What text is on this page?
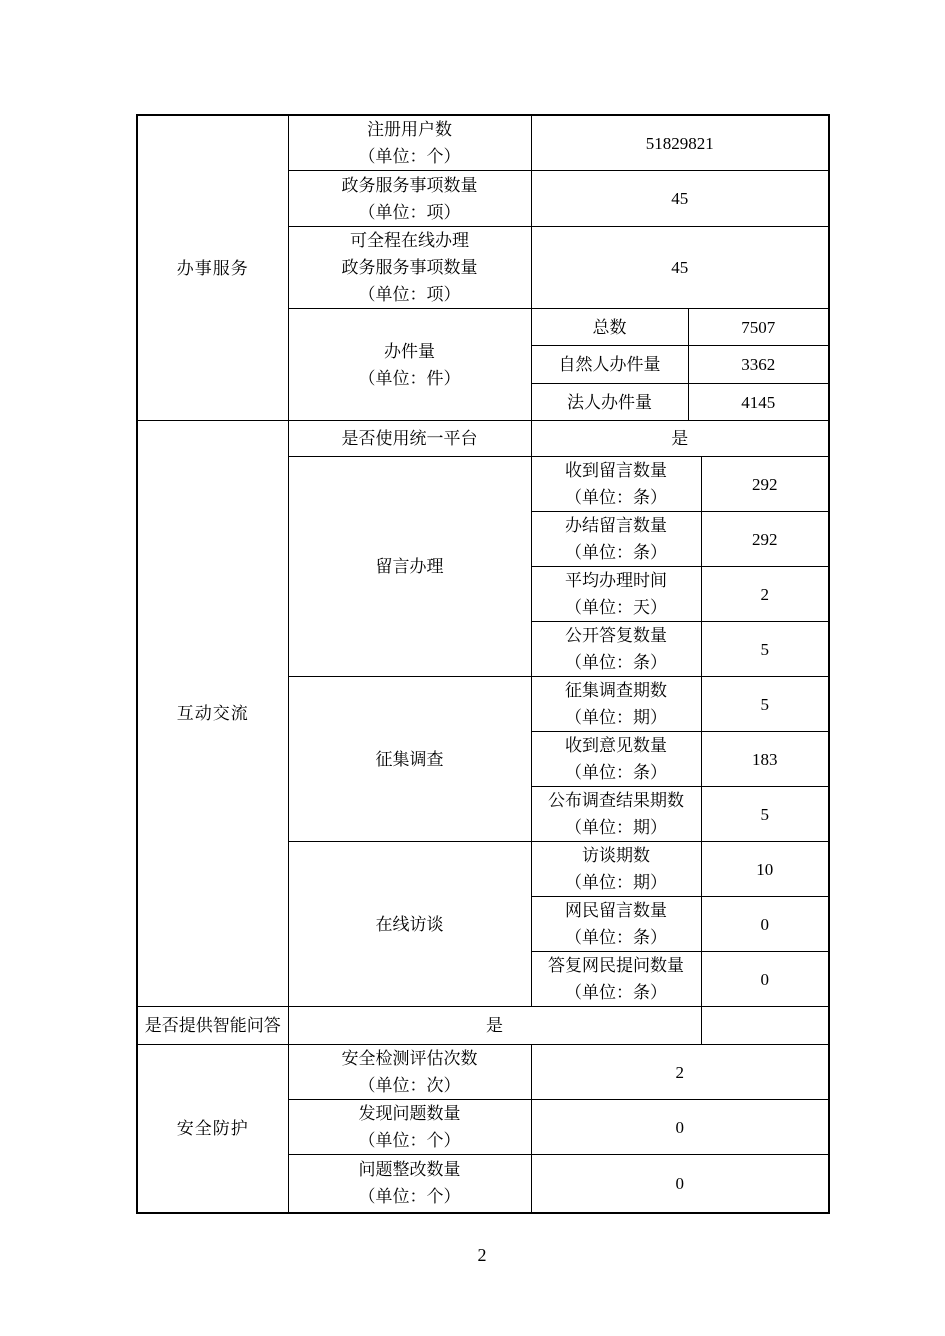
办事服务	注册用户数
（单位：个）	51829821		

	政务服务事项数量
（单位：项）	45		

	可全程在线办理
政务服务事项数量
（单位：项）	45		

	办件量
（单位：件）	总数	7507	
		自然人办件量	3362	
		法人办件量	4145	
互动交流	是否使用统一平台	是		
	留言办理	收到留言数量
（单位：条）		292

		办结留言数量
（单位：条）		292

		平均办理时间
（单位：天）		2

		公开答复数量
（单位：条）		5
	征集调查	征集调查期数
（单位：期）		5

		收到意见数量
（单位：条）		183

		公布调查结果期数
（单位：期）		5
	在线访谈	访谈期数
（单位：期）		10

		网民留言数量
（单位：条）		0

		答复网民提问数量
（单位：条）		0
是否提供智能问答	是			
安全防护	安全检测评估次数
（单位：次）	2		

	发现问题数量
（单位：个）	0		

	问题整改数量
（单位：个）	0		
2
